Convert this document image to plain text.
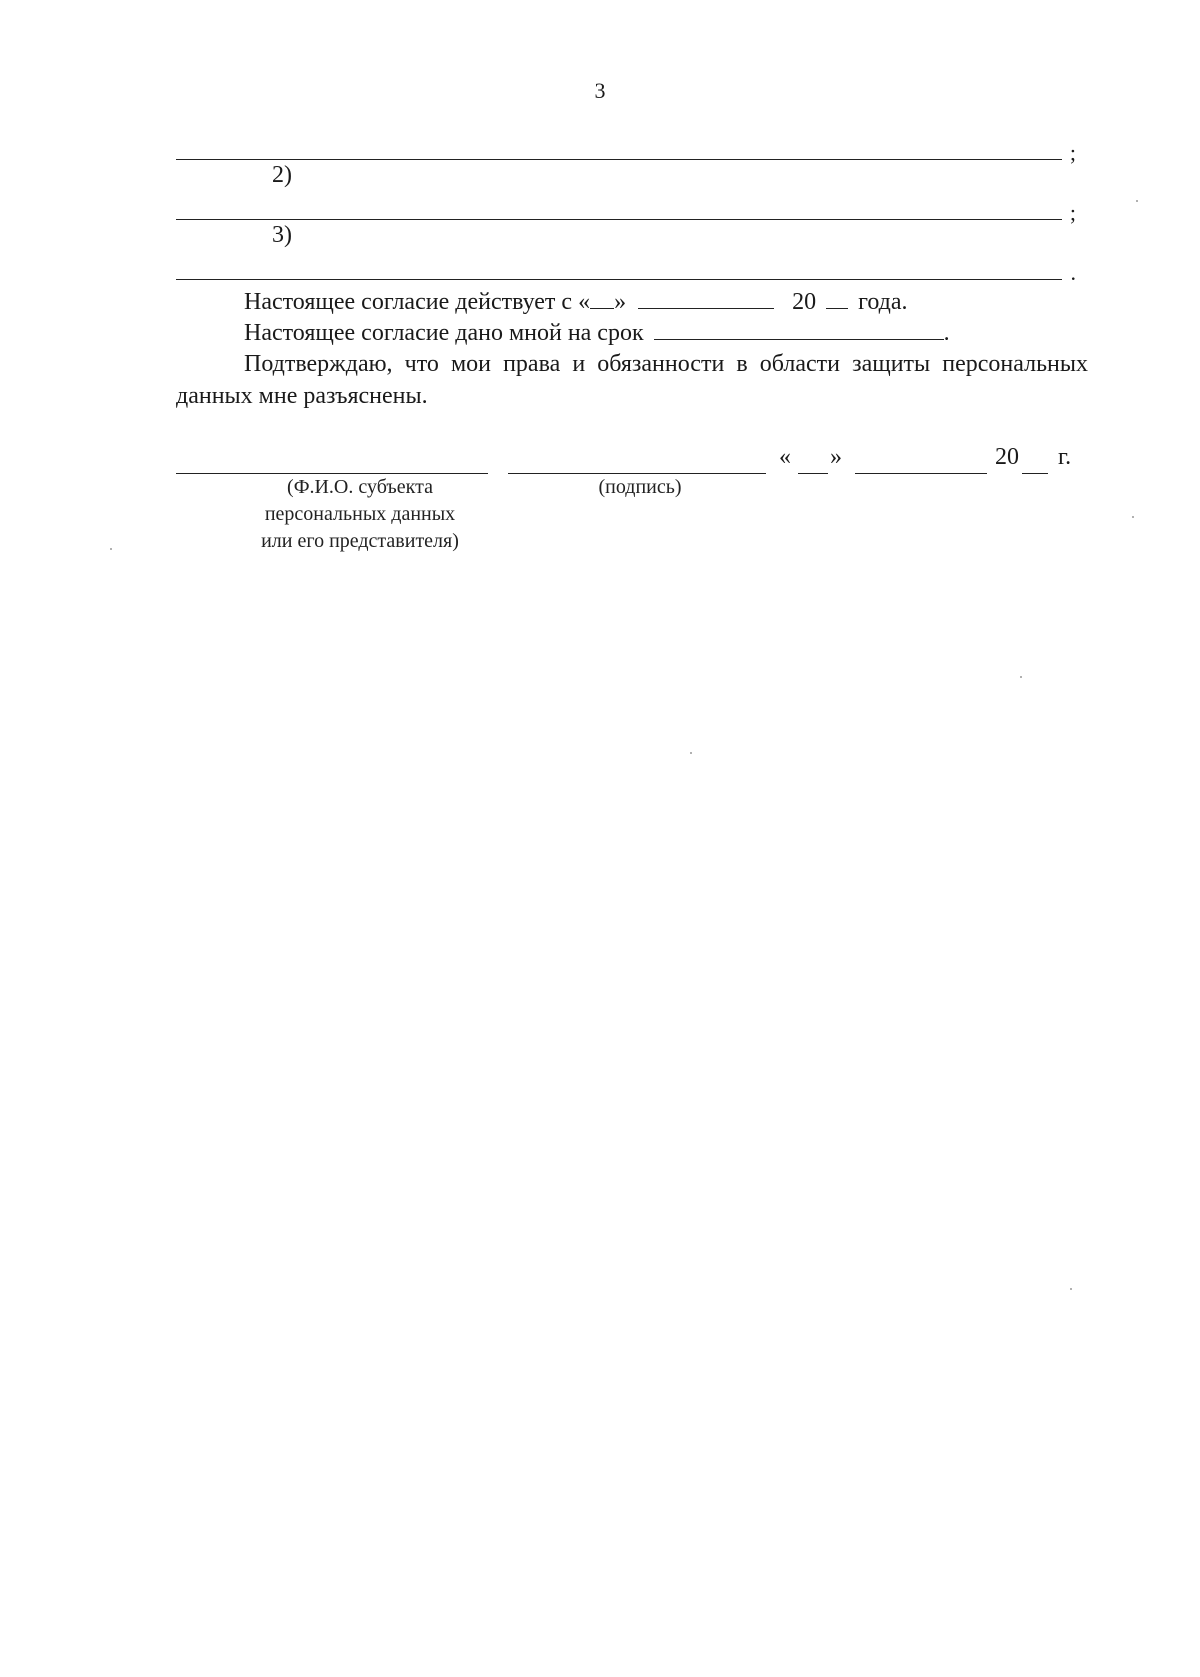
3
;
2)
;
3)
.
Настоящее согласие действует с « »	20 года.
Настоящее согласие дано мной на срок	.
Подтверждаю, что мои права и обязанности в области защиты персональных данных мне разъяснены.
« »	20 г.
(Ф.И.О. субъекта
персональных данных
или его представителя)
(подпись)
